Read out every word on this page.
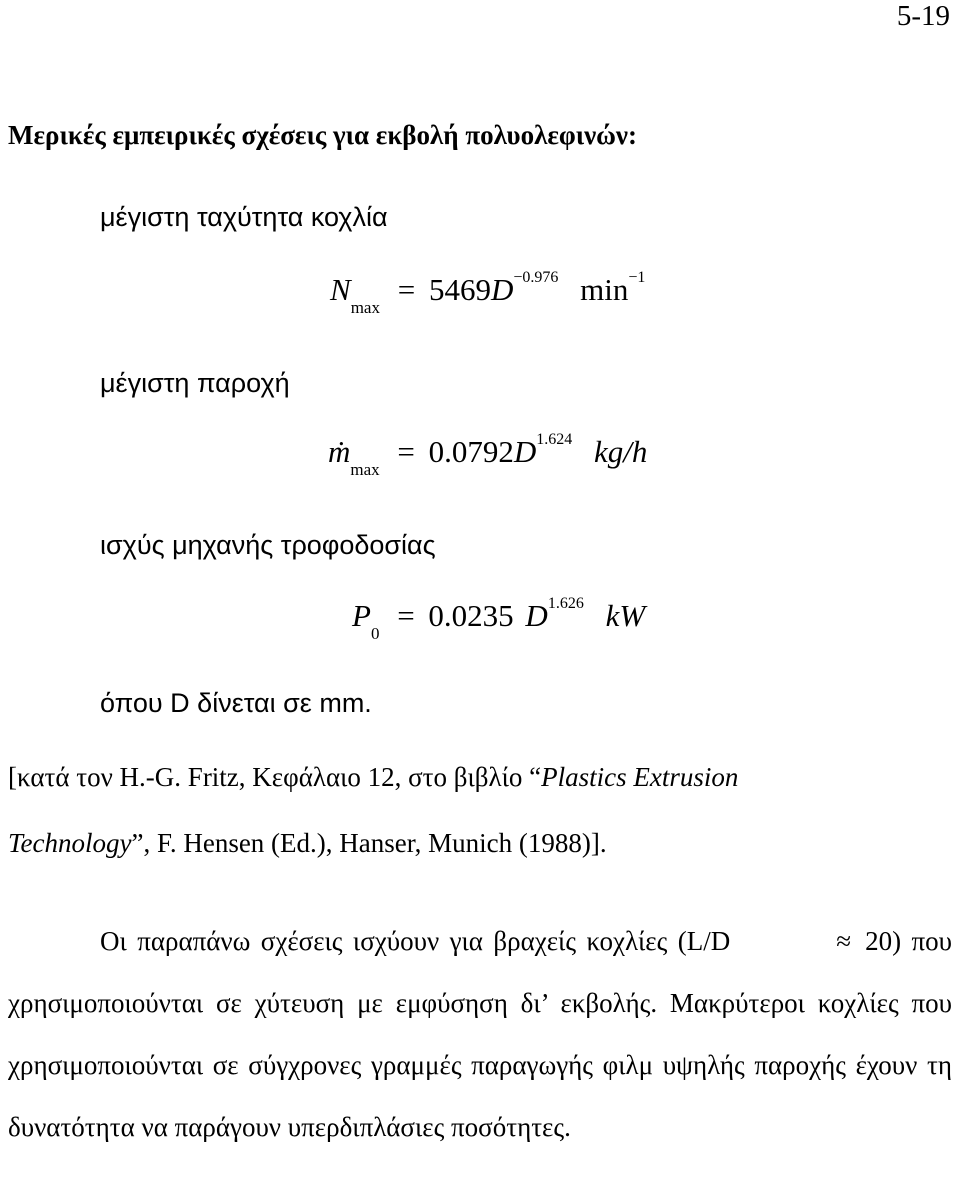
5-19
Μερικές εμπειρικές σχέσεις για εκβολή πολυολεφινών:
μέγιστη ταχύτητα κοχλία
$N_{max} = 5469D^{-0.976}$ $\min^{-1}$
μέγιστη παροχή
ṁ$_{max}$ = $0.0792D^{1.624}$ kg/h
ισχύς μηχανής τροφοδοσίας
$P_0 = 0.0235$ $D^{1.626}$ kW
όπου D δίνεται σε mm.
[κατά τον H.-G. Fritz, Κεφάλαιο 12, στο βιβλίο “Plastics Extrusion
Technology”, F. Hensen (Ed.), Hanser, Munich (1988)].
Οι παραπάνω σχέσεις ισχύουν για βραχείς κοχλίες (L/D	≈ 20) που χρησιμοποιούνται σε χύτευση με εμφύσηση δι’ εκβολής. Μακρύτεροι κοχλίες που χρησιμοποιούνται σε σύγχρονες γραμμές παραγωγής φιλμ υψηλής παροχής έχουν τη δυνατότητα να παράγουν υπερδιπλάσιες ποσότητες.
